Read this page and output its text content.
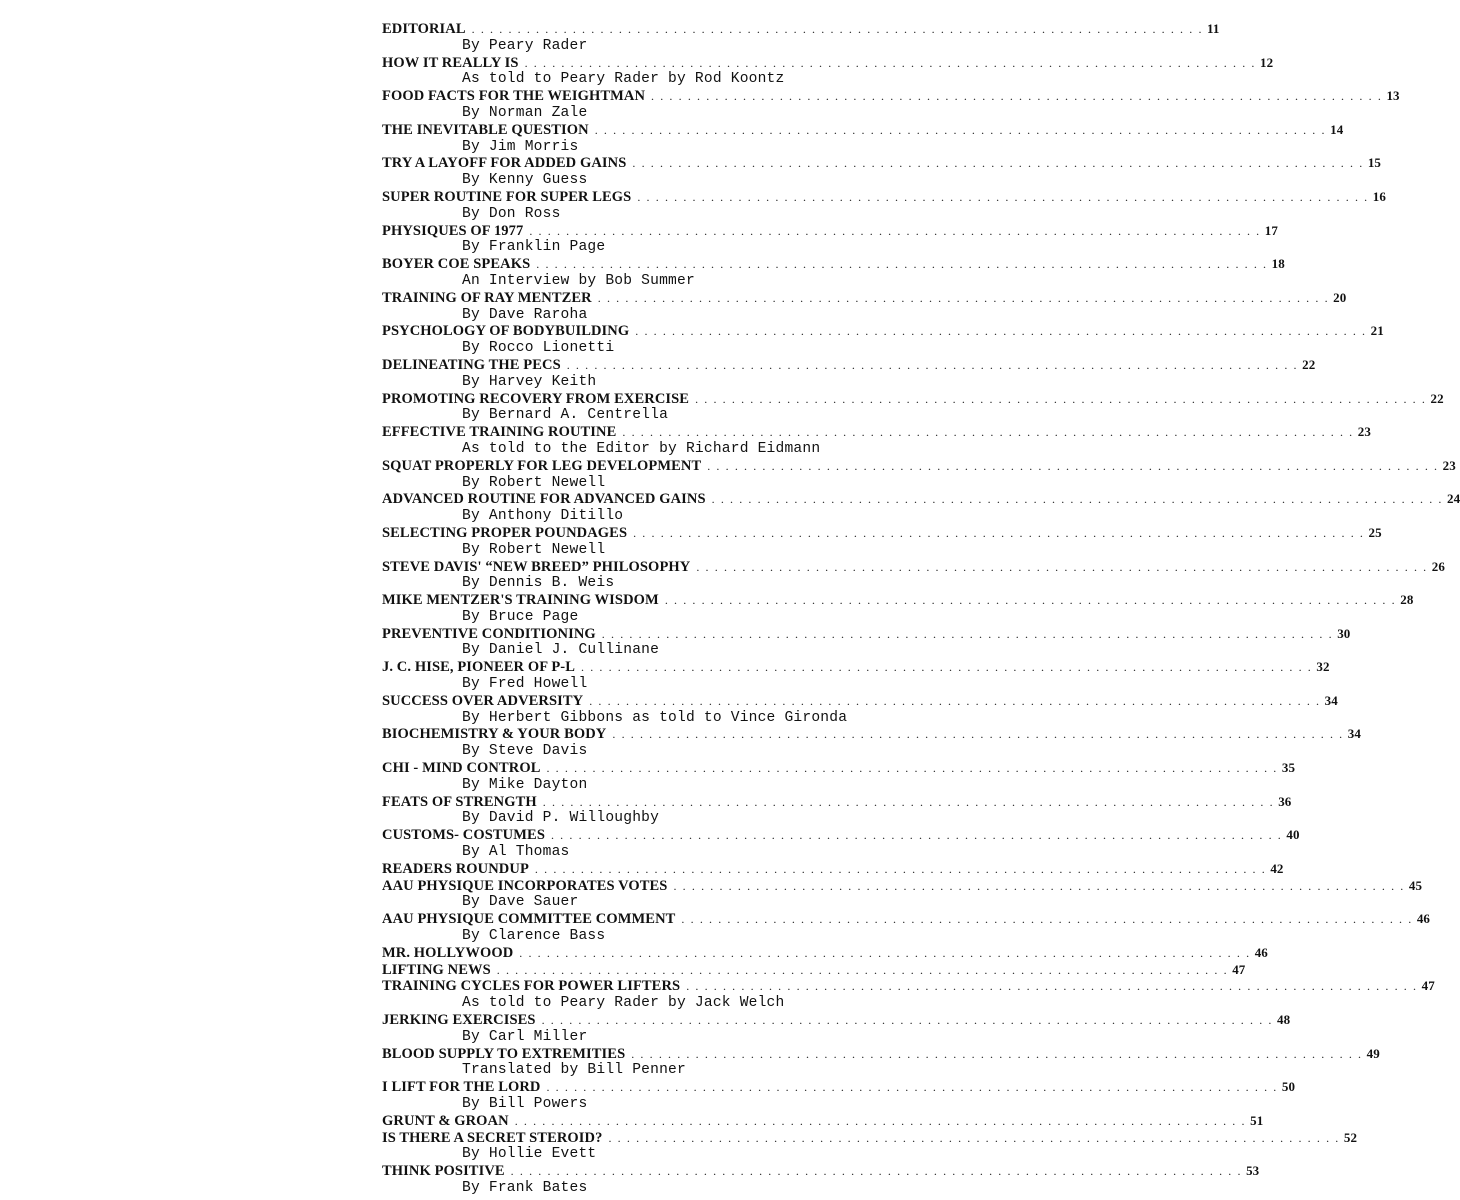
EDITORIAL . . . . . . . . . . . . . . . . . . . . . . . . . . . . . . . . . . . . . . . . . . . . . . . . . . . . . . . . . . . . . . . . . . . . . . . . . . . . . . . . 11
By Peary Rader
HOW IT REALLY IS . . . . . . . . . . . . . . . . . . . . . . . . . . . . . . . . . . . . . . . . . . . . . . . . . . . . . . . . . . . . . . . . . . . . . . . . . . . . . . . . 12
As told to Peary Rader by Rod Koontz
FOOD FACTS FOR THE WEIGHTMAN . . . . . . . . . . . . . . . . . . . . . . . . . . . . . . . . . . . . . . . . . . . . . . . . . . . . . . . . . . . . . . . . . . . . . . . . . . . . . . . . 13
By Norman Zale
THE INEVITABLE QUESTION . . . . . . . . . . . . . . . . . . . . . . . . . . . . . . . . . . . . . . . . . . . . . . . . . . . . . . . . . . . . . . . . . . . . . . . . . . . . . . . . 14
By Jim Morris
TRY A LAYOFF FOR ADDED GAINS . . . . . . . . . . . . . . . . . . . . . . . . . . . . . . . . . . . . . . . . . . . . . . . . . . . . . . . . . . . . . . . . . . . . . . . . . . . . . . . . 15
By Kenny Guess
SUPER ROUTINE FOR SUPER LEGS . . . . . . . . . . . . . . . . . . . . . . . . . . . . . . . . . . . . . . . . . . . . . . . . . . . . . . . . . . . . . . . . . . . . . . . . . . . . . . . . 16
By Don Ross
PHYSIQUES OF 1977 . . . . . . . . . . . . . . . . . . . . . . . . . . . . . . . . . . . . . . . . . . . . . . . . . . . . . . . . . . . . . . . . . . . . . . . . . . . . . . . . 17
By Franklin Page
BOYER COE SPEAKS . . . . . . . . . . . . . . . . . . . . . . . . . . . . . . . . . . . . . . . . . . . . . . . . . . . . . . . . . . . . . . . . . . . . . . . . . . . . . . . . 18
An Interview by Bob Summer
TRAINING OF RAY MENTZER . . . . . . . . . . . . . . . . . . . . . . . . . . . . . . . . . . . . . . . . . . . . . . . . . . . . . . . . . . . . . . . . . . . . . . . . . . . . . . . . 20
By Dave Raroha
PSYCHOLOGY OF BODYBUILDING . . . . . . . . . . . . . . . . . . . . . . . . . . . . . . . . . . . . . . . . . . . . . . . . . . . . . . . . . . . . . . . . . . . . . . . . . . . . . . . . 21
By Rocco Lionetti
DELINEATING THE PECS . . . . . . . . . . . . . . . . . . . . . . . . . . . . . . . . . . . . . . . . . . . . . . . . . . . . . . . . . . . . . . . . . . . . . . . . . . . . . . . . 22
By Harvey Keith
PROMOTING RECOVERY FROM EXERCISE . . . . . . . . . . . . . . . . . . . . . . . . . . . . . . . . . . . . . . . . . . . . . . . . . . . . . . . . . . . . . . . . . . . . . . . . . . . . . . . . 22
By Bernard A. Centrella
EFFECTIVE TRAINING ROUTINE . . . . . . . . . . . . . . . . . . . . . . . . . . . . . . . . . . . . . . . . . . . . . . . . . . . . . . . . . . . . . . . . . . . . . . . . . . . . . . . . 23
As told to the Editor by Richard Eidmann
SQUAT PROPERLY FOR LEG DEVELOPMENT . . . . . . . . . . . . . . . . . . . . . . . . . . . . . . . . . . . . . . . . . . . . . . . . . . . . . . . . . . . . . . . . . . . . . . . . . . . . . . . . 23
By Robert Newell
ADVANCED ROUTINE FOR ADVANCED GAINS . . . . . . . . . . . . . . . . . . . . . . . . . . . . . . . . . . . . . . . . . . . . . . . . . . . . . . . . . . . . . . . . . . . . . . . . . . . . . . . . 24
By Anthony Ditillo
SELECTING PROPER POUNDAGES . . . . . . . . . . . . . . . . . . . . . . . . . . . . . . . . . . . . . . . . . . . . . . . . . . . . . . . . . . . . . . . . . . . . . . . . . . . . . . . . 25
By Robert Newell
STEVE DAVIS' “NEW BREED” PHILOSOPHY . . . . . . . . . . . . . . . . . . . . . . . . . . . . . . . . . . . . . . . . . . . . . . . . . . . . . . . . . . . . . . . . . . . . . . . . . . . . . . . . 26
By Dennis B. Weis
MIKE MENTZER'S TRAINING WISDOM . . . . . . . . . . . . . . . . . . . . . . . . . . . . . . . . . . . . . . . . . . . . . . . . . . . . . . . . . . . . . . . . . . . . . . . . . . . . . . . . 28
By Bruce Page
PREVENTIVE CONDITIONING . . . . . . . . . . . . . . . . . . . . . . . . . . . . . . . . . . . . . . . . . . . . . . . . . . . . . . . . . . . . . . . . . . . . . . . . . . . . . . . . 30
By Daniel J. Cullinane
J. C. HISE, PIONEER OF P-L . . . . . . . . . . . . . . . . . . . . . . . . . . . . . . . . . . . . . . . . . . . . . . . . . . . . . . . . . . . . . . . . . . . . . . . . . . . . . . . . 32
By Fred Howell
SUCCESS OVER ADVERSITY . . . . . . . . . . . . . . . . . . . . . . . . . . . . . . . . . . . . . . . . . . . . . . . . . . . . . . . . . . . . . . . . . . . . . . . . . . . . . . . . 34
By Herbert Gibbons as told to Vince Gironda
BIOCHEMISTRY & YOUR BODY . . . . . . . . . . . . . . . . . . . . . . . . . . . . . . . . . . . . . . . . . . . . . . . . . . . . . . . . . . . . . . . . . . . . . . . . . . . . . . . . 34
By Steve Davis
CHI - MIND CONTROL . . . . . . . . . . . . . . . . . . . . . . . . . . . . . . . . . . . . . . . . . . . . . . . . . . . . . . . . . . . . . . . . . . . . . . . . . . . . . . . . 35
By Mike Dayton
FEATS OF STRENGTH . . . . . . . . . . . . . . . . . . . . . . . . . . . . . . . . . . . . . . . . . . . . . . . . . . . . . . . . . . . . . . . . . . . . . . . . . . . . . . . . 36
By David P. Willoughby
CUSTOMS- COSTUMES . . . . . . . . . . . . . . . . . . . . . . . . . . . . . . . . . . . . . . . . . . . . . . . . . . . . . . . . . . . . . . . . . . . . . . . . . . . . . . . . 40
By Al Thomas
READERS ROUNDUP . . . . . . . . . . . . . . . . . . . . . . . . . . . . . . . . . . . . . . . . . . . . . . . . . . . . . . . . . . . . . . . . . . . . . . . . . . . . . . . . 42
AAU PHYSIQUE INCORPORATES VOTES . . . . . . . . . . . . . . . . . . . . . . . . . . . . . . . . . . . . . . . . . . . . . . . . . . . . . . . . . . . . . . . . . . . . . . . . . . . . . . . . 45
By Dave Sauer
AAU PHYSIQUE COMMITTEE COMMENT . . . . . . . . . . . . . . . . . . . . . . . . . . . . . . . . . . . . . . . . . . . . . . . . . . . . . . . . . . . . . . . . . . . . . . . . . . . . . . . . 46
By Clarence Bass
MR. HOLLYWOOD . . . . . . . . . . . . . . . . . . . . . . . . . . . . . . . . . . . . . . . . . . . . . . . . . . . . . . . . . . . . . . . . . . . . . . . . . . . . . . . . 46
LIFTING NEWS . . . . . . . . . . . . . . . . . . . . . . . . . . . . . . . . . . . . . . . . . . . . . . . . . . . . . . . . . . . . . . . . . . . . . . . . . . . . . . . . 47
TRAINING CYCLES FOR POWER LIFTERS . . . . . . . . . . . . . . . . . . . . . . . . . . . . . . . . . . . . . . . . . . . . . . . . . . . . . . . . . . . . . . . . . . . . . . . . . . . . . . . . 47
As told to Peary Rader by Jack Welch
JERKING EXERCISES . . . . . . . . . . . . . . . . . . . . . . . . . . . . . . . . . . . . . . . . . . . . . . . . . . . . . . . . . . . . . . . . . . . . . . . . . . . . . . . . 48
By Carl Miller
BLOOD SUPPLY TO EXTREMITIES . . . . . . . . . . . . . . . . . . . . . . . . . . . . . . . . . . . . . . . . . . . . . . . . . . . . . . . . . . . . . . . . . . . . . . . . . . . . . . . . 49
Translated by Bill Penner
I LIFT FOR THE LORD . . . . . . . . . . . . . . . . . . . . . . . . . . . . . . . . . . . . . . . . . . . . . . . . . . . . . . . . . . . . . . . . . . . . . . . . . . . . . . . . 50
By Bill Powers
GRUNT & GROAN . . . . . . . . . . . . . . . . . . . . . . . . . . . . . . . . . . . . . . . . . . . . . . . . . . . . . . . . . . . . . . . . . . . . . . . . . . . . . . . . 51
IS THERE A SECRET STEROID? . . . . . . . . . . . . . . . . . . . . . . . . . . . . . . . . . . . . . . . . . . . . . . . . . . . . . . . . . . . . . . . . . . . . . . . . . . . . . . . . 52
By Hollie Evett
THINK POSITIVE . . . . . . . . . . . . . . . . . . . . . . . . . . . . . . . . . . . . . . . . . . . . . . . . . . . . . . . . . . . . . . . . . . . . . . . . . . . . . . . . 53
By Frank Bates
